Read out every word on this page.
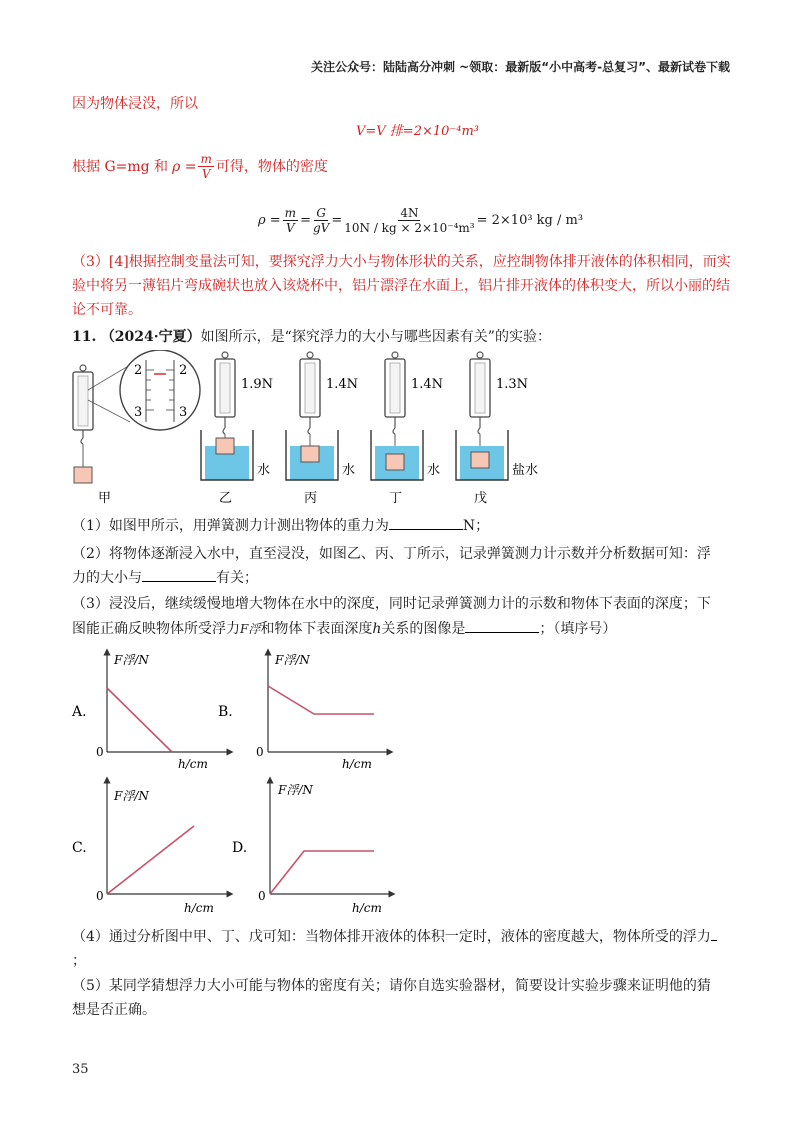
关注公众号：陆陆高分冲刺 ~领取：最新版“小中高考-总复习”、最新试卷下载
因为物体浸没，所以
V=V 排=2×10⁻⁴m³
根据 G=mg 和 $\rho = \frac{m}{V}$ 可得，物体的密度
$\rho = \frac{m}{V} = \frac{G}{gV} = \frac{4N}{\text{10N / kg × 2×10⁻⁴m³}} = 2\times 10^3$ kg / m³
（3）[4]根据控制变量法可知，要探究浮力大小与物体形状的关系，应控制物体排开液体的体积相同，而实验中将另一薄铝片弯成碗状也放入该烧杯中，铝片漂浮在水面上，铝片排开液体的体积变大，所以小丽的结论不可靠。
11. （2024·宁夏）如图所示，是“探究浮力的大小与哪些因素有关”的实验：
2	2
3	3
甲
1.9N
水
乙
1.4N
水
丙
1.4N
水
丁
1.3N
盐水
戊
（1）如图甲所示，用弹簧测力计测出物体的重力为	N；
（2）将物体逐渐浸入水中，直至浸没，如图乙、丙、丁所示，记录弹簧测力计示数并分析数据可知：浮
力的大小与	有关；
（3）浸没后，继续缓慢地增大物体在水中的深度，同时记录弹簧测力计的示数和物体下表面的深度；下
图能正确反映物体所受浮力F浮和物体下表面深度h关系的图像是	；（填序号）
A.
F浮/N
h/cm
0
B.
F浮/N
h/cm
0
C.
F浮/N
h/cm
0
D.
F浮/N
h/cm
0
（4）通过分析图中甲、丁、戊可知：当物体排开液体的体积一定时，液体的密度越大，物体所受的浮力
；
（5）某同学猜想浮力大小可能与物体的密度有关；请你自选实验器材，简要设计实验步骤来证明他的猜
想是否正确。
35
